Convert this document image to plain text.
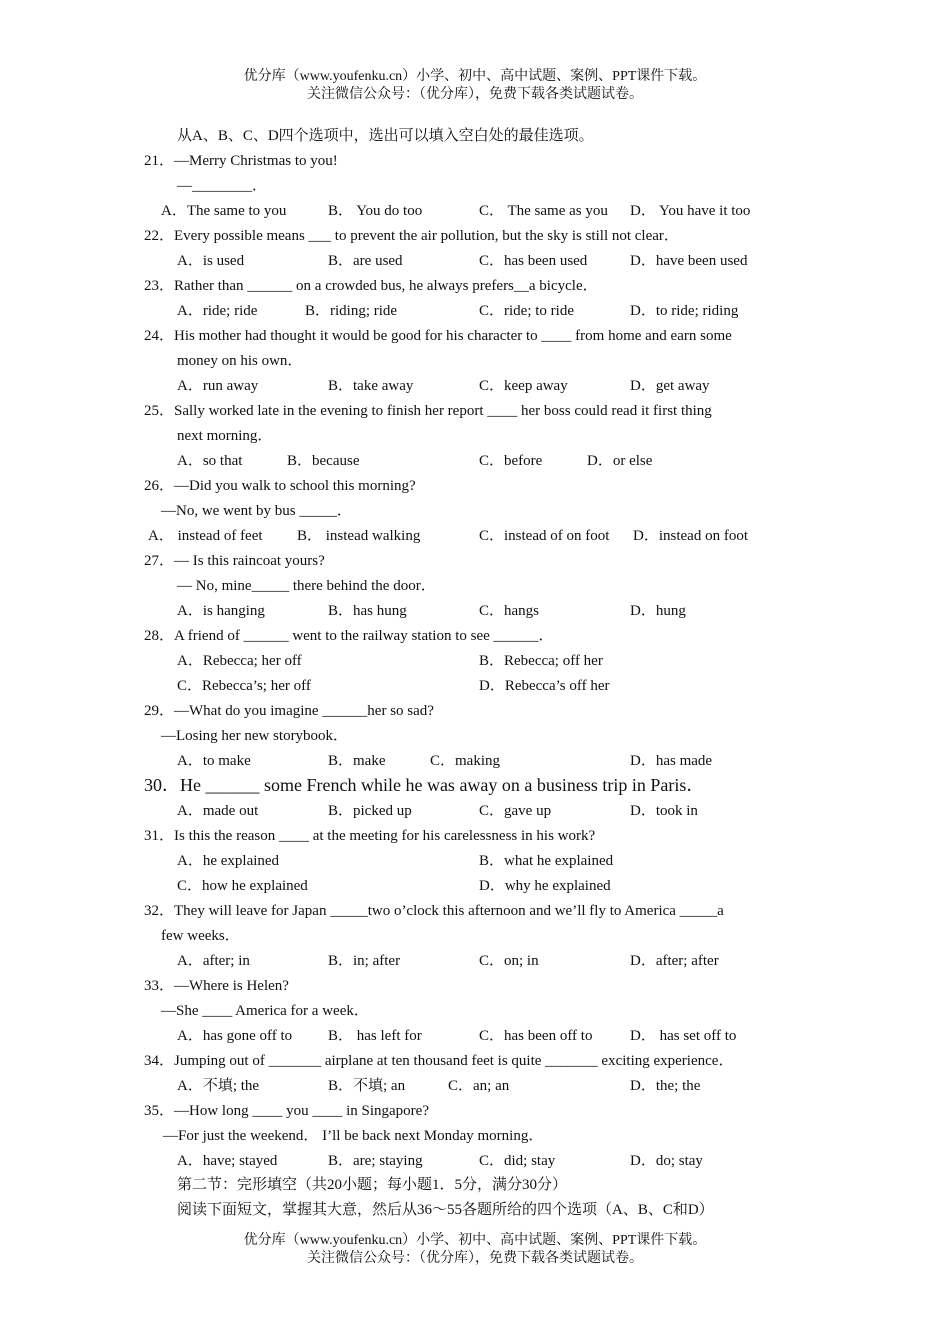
优分库（www.youfenku.cn）小学、初中、高中试题、案例、PPT课件下载。
关注微信公众号：（优分库），免费下载各类试题试卷。
从A、B、C、D四个选项中，选出可以填入空白处的最佳选项。
21．—Merry Christmas to you!
—________．
A．The same to you	B． You do too	C． The same as you D． You have it too
22．Every possible means ___ to prevent the air pollution, but the sky is still not clear．
A．is used	B．are used	C．has been used	D．have been used
23．Rather than ______ on a crowded bus, he always prefers__a bicycle．
A．ride; ride	B．riding; ride	C．ride; to ride	D．to ride; riding
24．His mother had thought it would be good for his character to ____ from home and earn some
money on his own．
A．run away	B．take away	C．keep away	D．get away
25．Sally worked late in the evening to finish her report ____ her boss could read it first thing
next morning．
A．so that	B．because	C．before	D．or else
26．—Did you walk to school this morning?
—No, we went by bus _____．
A． instead of feet B． instead walking	C．instead of on foot D．instead on foot
27．— Is this raincoat yours?
— No, mine_____ there behind the door．
A．is hanging	B．has hung	C．hangs	D．hung
28．A friend of ______ went to the railway station to see ______．
A．Rebecca; her off	B．Rebecca; off her
C．Rebecca’s; her off	D．Rebecca’s off her
29．—What do you imagine ______her so sad?
—Losing her new storybook．
A．to make	B．make	C．making	D．has made
30．He ______ some French while he was away on a business trip in Paris．
A．made out	B．picked up	C．gave up	D．took in
31．Is this the reason ____ at the meeting for his carelessness in his work?
A．he explained	B．what he explained
C．how he explained	D．why he explained
32．They will leave for Japan _____two o’clock this afternoon and we’ll fly to America _____a
few weeks．
A．after; in	B．in; after	C．on; in	D．after; after
33．—Where is Helen?
—She ____ America for a week．
A．has gone off to B． has left for	C．has been off to	D． has set off to
34．Jumping out of _______ airplane at ten thousand feet is quite _______ exciting experience．
A．不填; the	B．不填; an	C．an; an	D．the; the
35．—How long ____ you ____ in Singapore?
—For just the weekend． I’ll be back next Monday morning．
A．have; stayed	B．are; staying	C．did; stay	D．do; stay
第二节：完形填空（共20小题；每小题1．5分，满分30分）
阅读下面短文，掌握其大意，然后从36～55各题所给的四个选项（A、B、C和D）
优分库（www.youfenku.cn）小学、初中、高中试题、案例、PPT课件下载。
关注微信公众号：（优分库），免费下载各类试题试卷。
